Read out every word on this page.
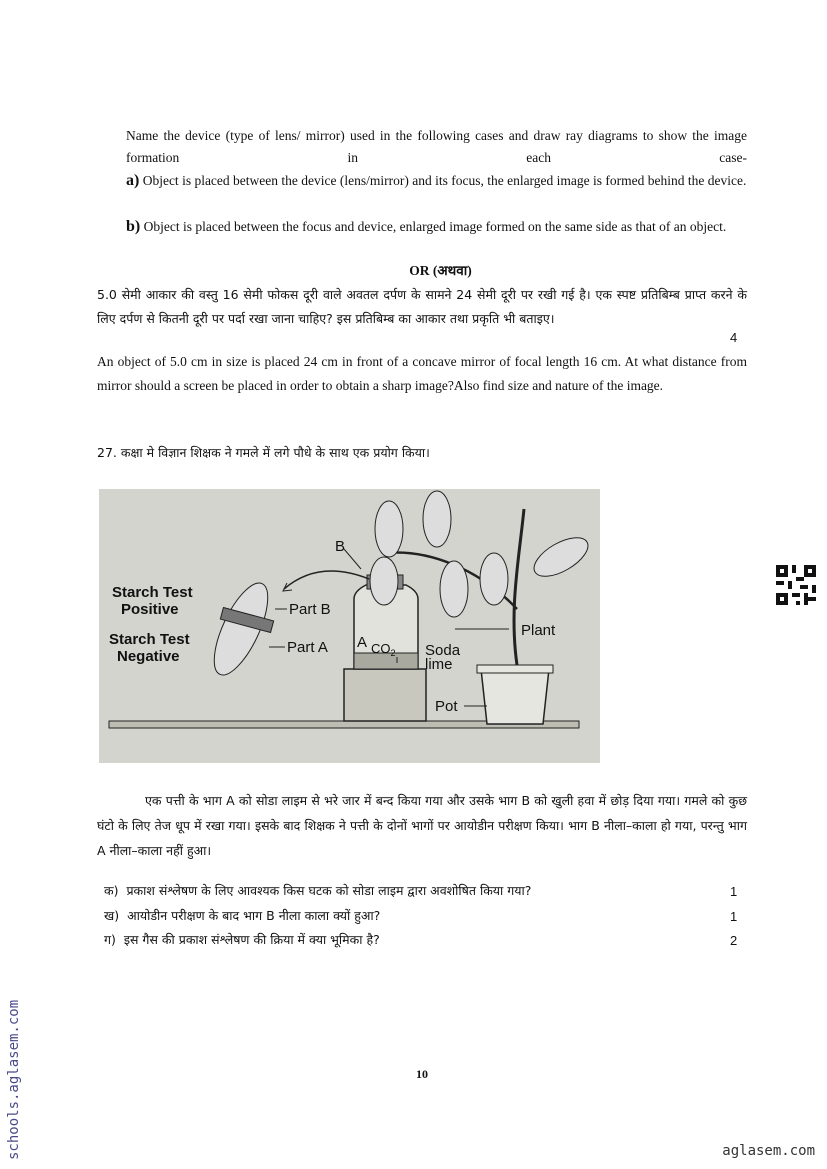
Name the device (type of lens/ mirror) used in the following cases and draw ray diagrams to show the image formation in each case-
a) Object is placed between the device (lens/mirror) and its focus, the enlarged image is formed behind the device.
b) Object is placed between the focus and device, enlarged image formed on the same side as that of an object.
OR (अथवा)
5.0 सेमी आकार की वस्तु 16 सेमी फोकस दूरी वाले अवतल दर्पण के सामने 24 सेमी दूरी पर रखी गई है। एक स्पष्ट प्रतिबिम्ब प्राप्त करने के लिए दर्पण से कितनी दूरी पर पर्दा रखा जाना चाहिए? इस प्रतिबिम्ब का आकार तथा प्रकृति भी बताइए।
4
An object of 5.0 cm in size is placed 24 cm in front of a concave mirror of focal length 16 cm. At what distance from mirror should a screen be placed in order to obtain a sharp image?Also find size and nature of the image.
27. कक्षा मे विज्ञान शिक्षक ने गमले में लगे पौधे के साथ एक प्रयोग किया।
B
Starch Test
Positive	Part B
Starch Test
Negative
Part A A $CO_2$ Soda
lime
Plant
Pot
एक पत्ती के भाग A को सोडा लाइम से भरे जार में बन्द किया गया और उसके भाग B को खुली हवा में छोड़ दिया गया। गमले को कुछ घंटो के लिए तेज धूप में रखा गया। इसके बाद शिक्षक ने पत्ती के दोनों भागों पर आयोडीन परीक्षण किया। भाग B नीला–काला हो गया, परन्तु भाग A नीला–काला नहीं हुआ।
क) प्रकाश संश्लेषण के लिए आवश्यक किस घटक को सोडा लाइम द्वारा अवशोषित किया गया?	1
ख) आयोडीन परीक्षण के बाद भाग B नीला काला क्यों हुआ?	1
ग) इस गैस की प्रकाश संश्लेषण की क्रिया में क्या भूमिका है?	2
10
schools.aglasem.com	aglasem.com
